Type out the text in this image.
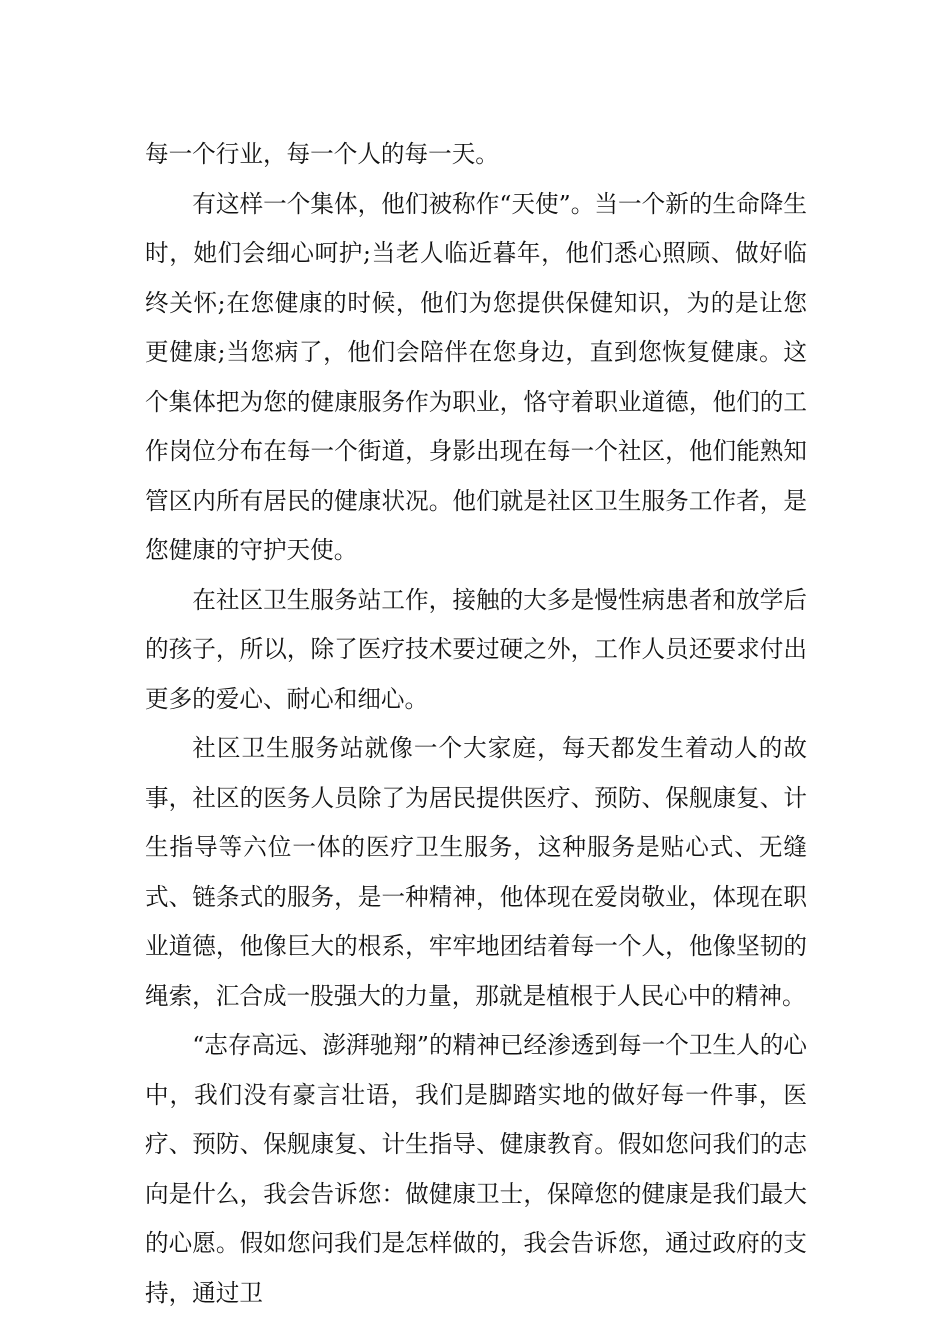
每一个行业，每一个人的每一天。

有这样一个集体，他们被称作“天使”。当一个新的生命降生时，她们会细心呵护;当老人临近暮年，他们悉心照顾、做好临终关怀;在您健康的时候，他们为您提供保健知识，为的是让您更健康;当您病了，他们会陪伴在您身边，直到您恢复健康。这个集体把为您的健康服务作为职业，恪守着职业道德，他们的工作岗位分布在每一个街道，身影出现在每一个社区，他们能熟知管区内所有居民的健康状况。他们就是社区卫生服务工作者，是您健康的守护天使。

在社区卫生服务站工作，接触的大多是慢性病患者和放学后的孩子，所以，除了医疗技术要过硬之外，工作人员还要求付出更多的爱心、耐心和细心。

社区卫生服务站就像一个大家庭，每天都发生着动人的故事，社区的医务人员除了为居民提供医疗、预防、保舰康复、计生指导等六位一体的医疗卫生服务，这种服务是贴心式、无缝式、链条式的服务，是一种精神，他体现在爱岗敬业，体现在职业道德，他像巨大的根系，牢牢地团结着每一个人，他像坚韧的绳索，汇合成一股强大的力量，那就是植根于人民心中的精神。

“志存高远、澎湃驰翔”的精神已经渗透到每一个卫生人的心中，我们没有豪言壮语，我们是脚踏实地的做好每一件事，医疗、预防、保舰康复、计生指导、健康教育。假如您问我们的志向是什么，我会告诉您：做健康卫士，保障您的健康是我们最大的心愿。假如您问我们是怎样做的，我会告诉您，通过政府的支持，通过卫
